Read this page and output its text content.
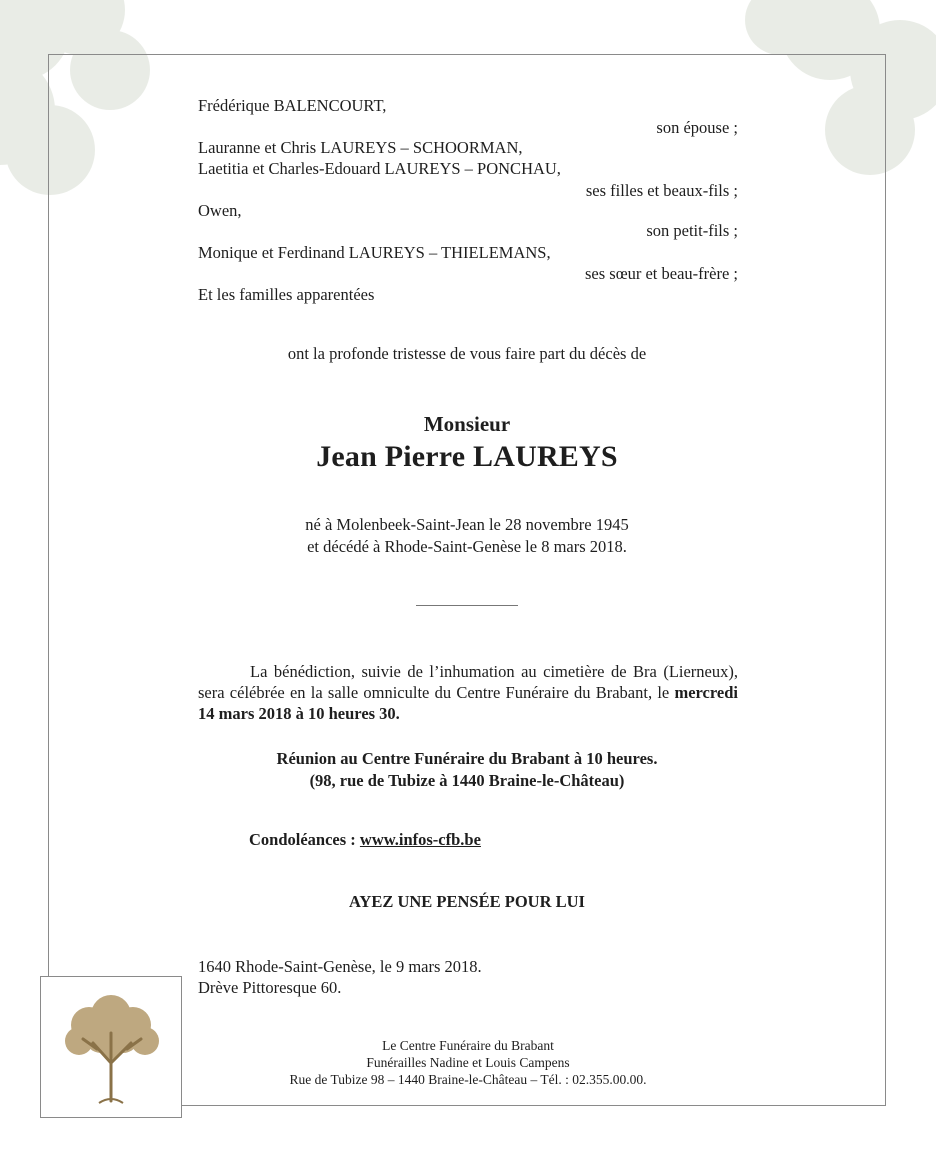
Frédérique BALENCOURT,
son épouse ;
Lauranne et Chris LAUREYS – SCHOORMAN,
Laetitia et Charles-Edouard LAUREYS – PONCHAU,
ses filles et beaux-fils ;
Owen,
son petit-fils ;
Monique et Ferdinand LAUREYS – THIELEMANS,
ses sœur et beau-frère ;
Et les familles apparentées
ont la profonde tristesse de vous faire part du décès de
Monsieur
Jean Pierre LAUREYS
né à Molenbeek-Saint-Jean le 28 novembre 1945
et décédé à Rhode-Saint-Genèse le 8 mars 2018.
La bénédiction, suivie de l’inhumation au cimetière de Bra (Lierneux), sera célébrée en la salle omniculte du Centre Funéraire du Brabant, le mercredi 14 mars 2018 à 10 heures 30.
Réunion au Centre Funéraire du Brabant à 10 heures.
(98, rue de Tubize à 1440 Braine-le-Château)
Condoléances : www.infos-cfb.be
AYEZ UNE PENSÉE POUR LUI
1640 Rhode-Saint-Genèse, le 9 mars 2018.
Drève Pittoresque 60.
Le Centre Funéraire du Brabant
Funérailles Nadine et Louis Campens
Rue de Tubize 98 – 1440 Braine-le-Château – Tél. : 02.355.00.00.
